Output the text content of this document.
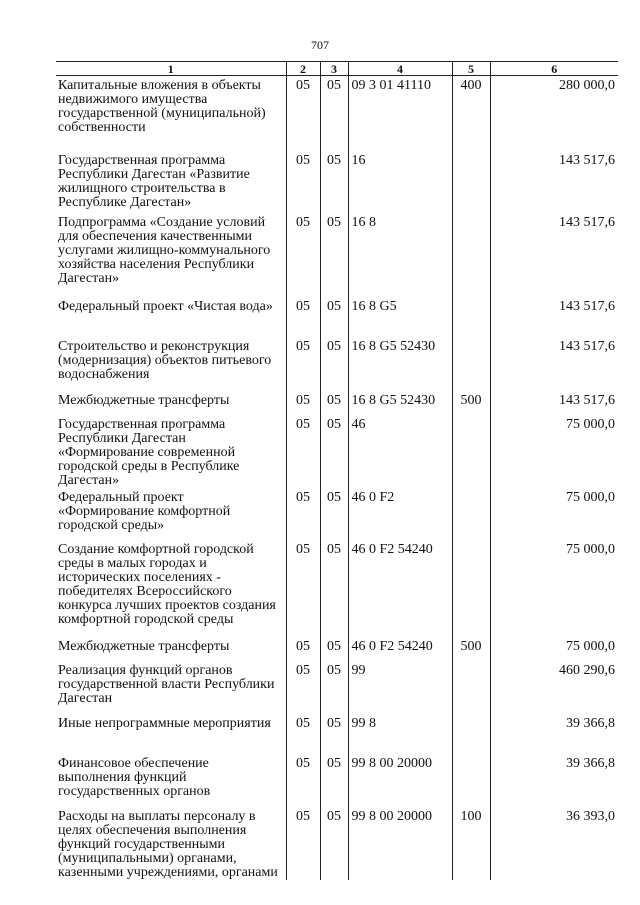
707
1	2	3	4	5	6
Капитальные вложения в объекты недвижимого имущества государственной (муниципальной) собственности	05	05	09 3 01 41110	400	280 000,0
Государственная программа Республики Дагестан «Развитие жилищного строительства в Республике Дагестан»	05	05	16		143 517,6
Подпрограмма «Создание условий для обеспечения качественными услугами жилищно-коммунального хозяйства населения Республики Дагестан»	05	05	16 8		143 517,6
Федеральный проект «Чистая вода»	05	05	16 8 G5		143 517,6
Строительство и реконструкция (модернизация) объектов питьевого водоснабжения	05	05	16 8 G5 52430		143 517,6
Межбюджетные трансферты	05	05	16 8 G5 52430	500	143 517,6
Государственная программа Республики Дагестан «Формирование современной городской среды в Республике Дагестан»	05	05	46		75 000,0
Федеральный проект «Формирование комфортной городской среды»	05	05	46 0 F2		75 000,0
Создание комфортной городской среды в малых городах и исторических поселениях - победителях Всероссийского конкурса лучших проектов создания комфортной городской среды	05	05	46 0 F2 54240		75 000,0
Межбюджетные трансферты	05	05	46 0 F2 54240	500	75 000,0
Реализация функций органов государственной власти Республики Дагестан	05	05	99		460 290,6
Иные непрограммные мероприятия	05	05	99 8		39 366,8
Финансовое обеспечение выполнения функций государственных органов	05	05	99 8 00 20000		39 366,8
Расходы на выплаты персоналу в целях обеспечения выполнения функций государственными (муниципальными) органами, казенными учреждениями, органами	05	05	99 8 00 20000	100	36 393,0
